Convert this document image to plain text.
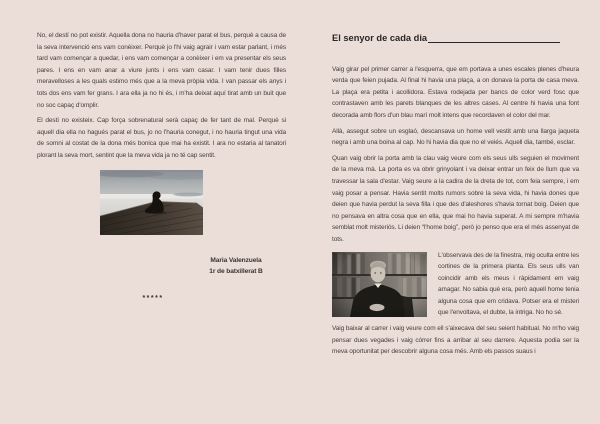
No, el destí no pot existir. Aquella dona no hauria d'haver parat el bus, perquè a causa de la seva intervenció ens vam conèixer. Perquè jo l'hi vaig agrair i vam estar parlant, i més tard vam començar a quedar, i ens vam començar a conèixer i em va presentar els seus pares. I ens en vam anar a viure junts i ens vam casar. I vam tenir dues filles meravelloses a les quals estimo més que a la meva pròpia vida. I van passar els anys i tots dos ens vam fer grans. I ara ella ja no hi és, i m'ha deixat aquí tirat amb un buit que no soc capaç d'omplir.

El destí no existeix. Cap força sobrenatural serà capaç de fer tant de mal. Perquè si aquell dia ella no hagués parat el bus, jo no l'hauria conegut, i no hauria tingut una vida de somni al costat de la dona més bonica que mai ha existit. I ara no estaria al tanatori plorant la seva mort, sentint que la meva vida ja no té cap sentit.

Maria Valenzuela
1r de batxillerat B
*****
El senyor de cada dia

Vaig girar pel primer carrer a l'esquerra, que em portava a unes escales plenes d'heura verda que feien pujada. Al final hi havia una plaça, a on donava la porta de casa meva. La plaça era petita i acollidora. Estava rodejada per bancs de color verd fosc que contrastaven amb les parets blanques de les altres cases. Al centre hi havia una font decorada amb flors d'un blau marí molt intens que recordaven el color del mar.

Allà, assegut sobre un esglaó, descansava un home vell vestit amb una llarga jaqueta negra i amb una boina al cap. No hi havia dia que no el veiés. Aquell dia, també, esclar.

Quan vaig obrir la porta amb la clau vaig veure com els seus ulls seguien el moviment de la meva mà. La porta es va obrir grinyolant i va deixar entrar un feix de llum que va travessar la sala d'estar. Vaig seure a la cadira de la dreta de tot, com feia sempre, i em vaig posar a pensar. Havia sentit molts rumors sobre la seva vida, hi havia dones que deien que havia perdut la seva filla i que des d'aleshores s'havia tornat boig. Deien que no pensava en altra cosa que en ella, que mai ho havia superat. A mi sempre m'havia semblat molt misteriós. Li deien “l'home boig”, però jo penso que era el més assenyat de tots.

L'observava des de la finestra, mig oculta entre les cortines de la primera planta. Els seus ulls van coincidir amb els meus i ràpidament em vaig amagar. No sabia què era, però aquell home tenia alguna cosa que em cridava. Potser era el misteri que l'envoltava, el dubte, la intriga. No ho sé.

Vaig baixar al carrer i vaig veure com ell s'aixecava del seu seient habitual. No m'ho vaig pensar dues vegades i vaig córrer fins a arribar al seu darrere. Aquesta podia ser la meva oportunitat per descobrir alguna cosa més. Amb els passos suaus i
